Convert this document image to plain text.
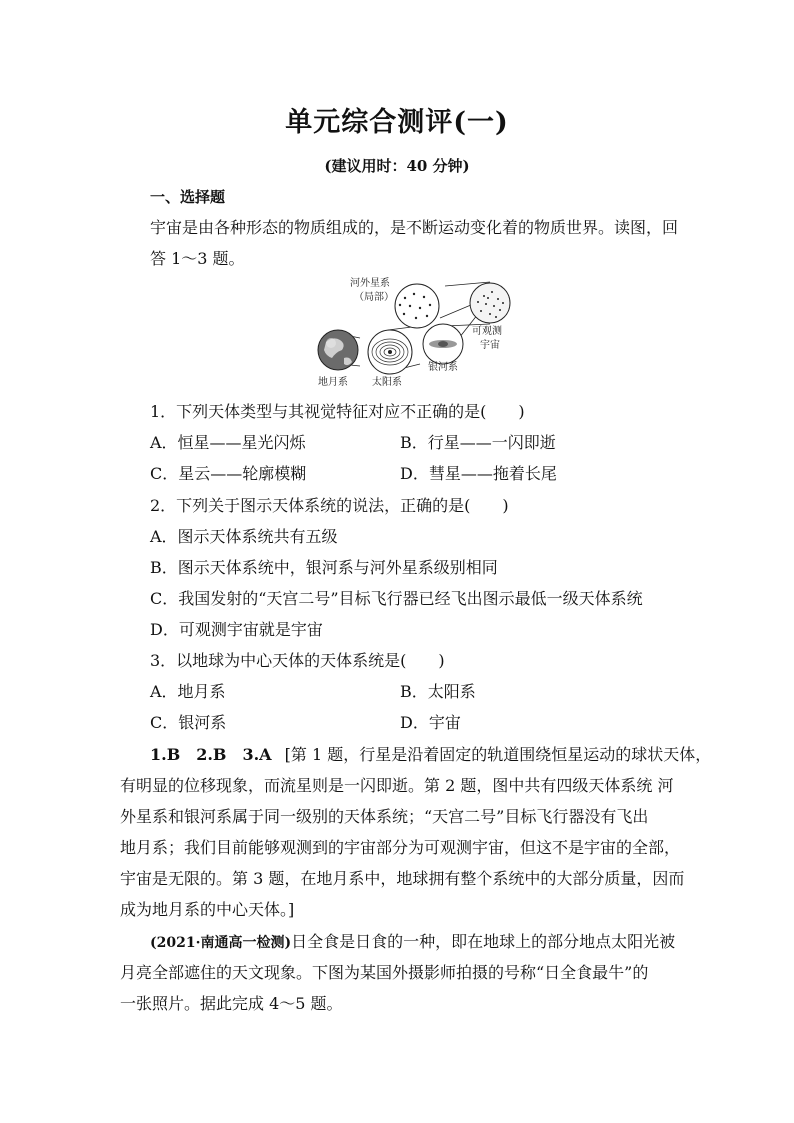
单元综合测评(一)
(建议用时：40 分钟)
一、选择题
宇宙是由各种形态的物质组成的，是不断运动变化着的物质世界。读图，回
答 1～3 题。
河外星系
（局部）
可观测
宇宙
银河系
地月系 太阳系
1．下列天体类型与其视觉特征对应不正确的是(　　)
A．恒星——星光闪烁	B．行星——一闪即逝
C．星云——轮廓模糊	D．彗星——拖着长尾
2．下列关于图示天体系统的说法，正确的是(　　)
A．图示天体系统共有五级
B．图示天体系统中，银河系与河外星系级别相同
C．我国发射的“天宫二号”目标飞行器已经飞出图示最低一级天体系统
D．可观测宇宙就是宇宙
3．以地球为中心天体的天体系统是(　　)
A．地月系	B．太阳系
C．银河系	D．宇宙
1.B　2.B　3.A [第 1 题，行星是沿着固定的轨道围绕恒星运动的球状天体，
有明显的位移现象，而流星则是一闪即逝。第 2 题，图中共有四级天体系统 河
外星系和银河系属于同一级别的天体系统；“天宫二号”目标飞行器没有飞出
地月系；我们目前能够观测到的宇宙部分为可观测宇宙，但这不是宇宙的全部，
宇宙是无限的。第 3 题，在地月系中，地球拥有整个系统中的大部分质量，因而
成为地月系的中心天体。]
(2021·南通高一检测)日全食是日食的一种，即在地球上的部分地点太阳光被
月亮全部遮住的天文现象。下图为某国外摄影师拍摄的号称“日全食最牛”的
一张照片。据此完成 4～5 题。
